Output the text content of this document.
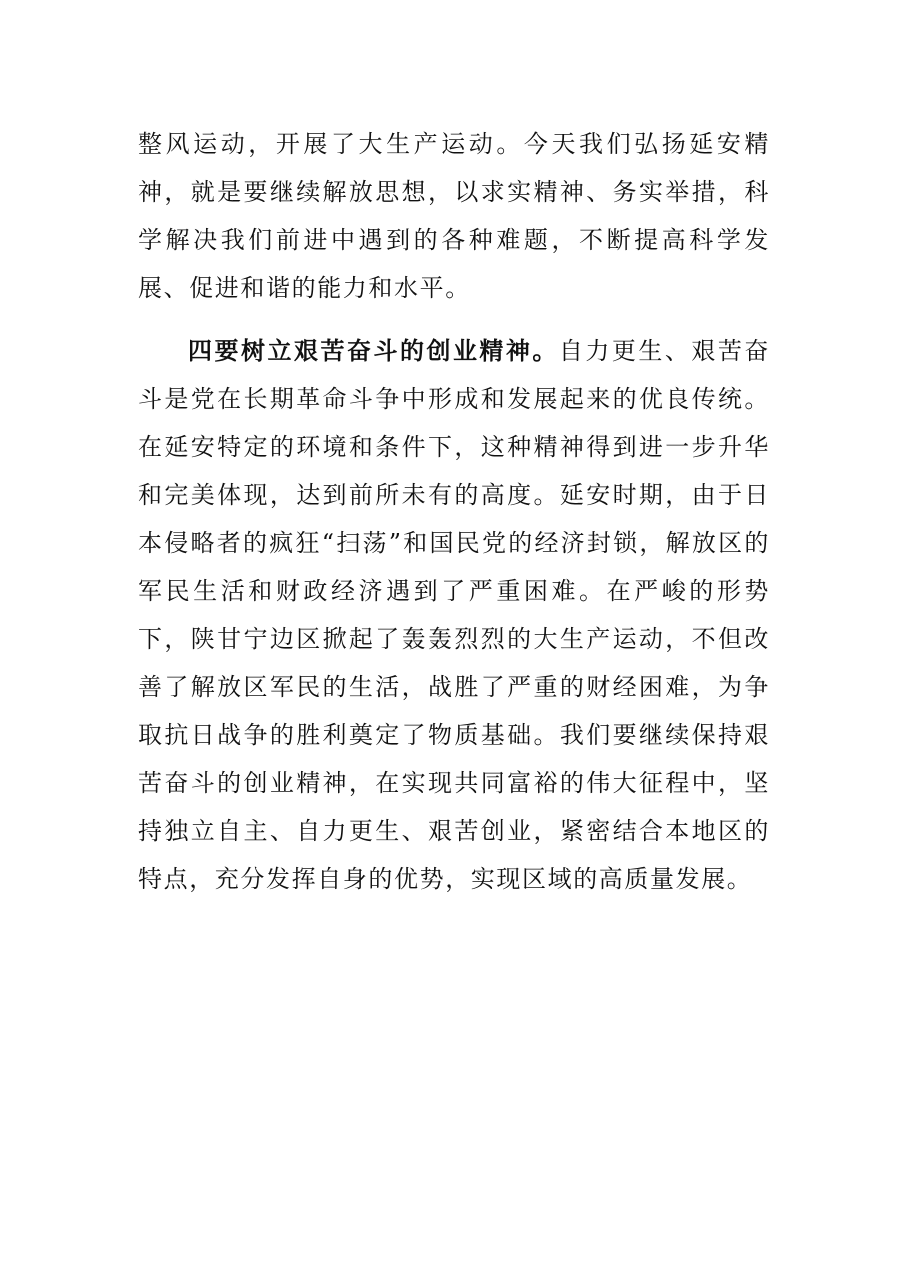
整风运动，开展了大生产运动。今天我们弘扬延安精神，就是要继续解放思想，以求实精神、务实举措，科学解决我们前进中遇到的各种难题，不断提高科学发展、促进和谐的能力和水平。

四要树立艰苦奋斗的创业精神。自力更生、艰苦奋斗是党在长期革命斗争中形成和发展起来的优良传统。在延安特定的环境和条件下，这种精神得到进一步升华和完美体现，达到前所未有的高度。延安时期，由于日本侵略者的疯狂“扫荡”和国民党的经济封锁，解放区的军民生活和财政经济遇到了严重困难。在严峻的形势下，陕甘宁边区掀起了轰轰烈烈的大生产运动，不但改善了解放区军民的生活，战胜了严重的财经困难，为争取抗日战争的胜利奠定了物质基础。我们要继续保持艰苦奋斗的创业精神，在实现共同富裕的伟大征程中，坚持独立自主、自力更生、艰苦创业，紧密结合本地区的特点，充分发挥自身的优势，实现区域的高质量发展。
